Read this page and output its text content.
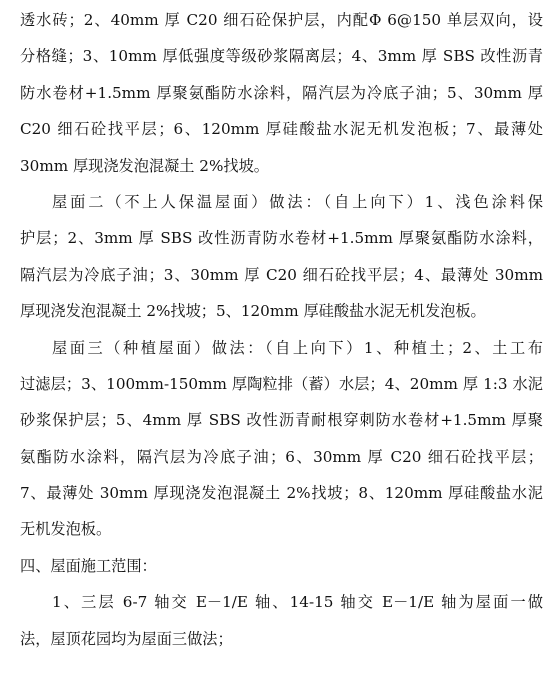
透水砖；2、40mm 厚 C20 细石砼保护层，内配Φ 6@150 单层双向，设
分格缝；3、10mm 厚低强度等级砂浆隔离层；4、3mm 厚 SBS 改性沥青
防水卷材+1.5mm 厚聚氨酯防水涂料，隔汽层为冷底子油；5、30mm 厚
C20 细石砼找平层；6、120mm 厚硅酸盐水泥无机发泡板；7、最薄处
30mm 厚现浇发泡混凝土 2%找坡。
屋面二（不上人保温屋面）做法：（自上向下）1、浅色涂料保
护层；2、3mm 厚 SBS 改性沥青防水卷材+1.5mm 厚聚氨酯防水涂料，
隔汽层为冷底子油；3、30mm 厚 C20 细石砼找平层；4、最薄处 30mm
厚现浇发泡混凝土 2%找坡；5、120mm 厚硅酸盐水泥无机发泡板。
屋面三（种植屋面）做法：（自上向下）1、种植土；2、土工布
过滤层；3、100mm-150mm 厚陶粒排（蓄）水层；4、20mm 厚 1:3 水泥
砂浆保护层；5、4mm 厚 SBS 改性沥青耐根穿刺防水卷材+1.5mm 厚聚
氨酯防水涂料，隔汽层为冷底子油；6、30mm 厚 C20 细石砼找平层；
7、最薄处 30mm 厚现浇发泡混凝土 2%找坡；8、120mm 厚硅酸盐水泥
无机发泡板。
四、屋面施工范围：
1、三层 6-7 轴交 E－1/E 轴、14-15 轴交 E－1/E 轴为屋面一做
法，屋顶花园均为屋面三做法；
